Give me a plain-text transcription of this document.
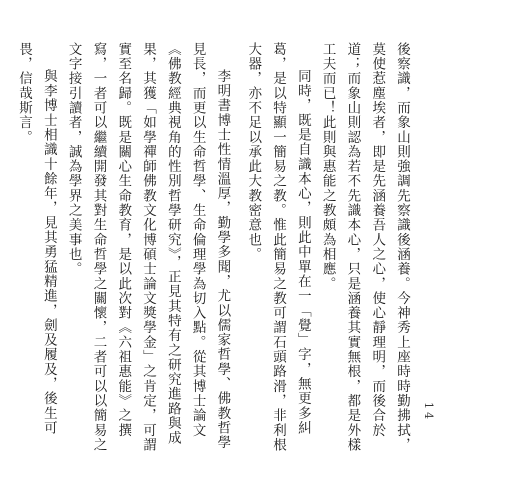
後察識，而象山則強調先察識後涵養。今神秀上座時時勤拂拭，莫使惹塵埃者，即是先涵養吾人之心，使心靜理明，而後合於道；而象山則認為若不先識本心，只是涵養其實無根，都是外樣工夫而已！此則與惠能之教頗為相應。

同時，既是自識本心，則此中單在一「覺」字，無更多糾葛，是以特顯一簡易之教。惟此簡易之教可謂石頭路滑，非利根大器，亦不足以承此大教密意也。

李明書博士性情溫厚，勤學多聞，尤以儒家哲學、佛教哲學見長，而更以生命哲學、生命倫理學為切入點。從其博士論文《佛教經典視角的性別哲學研究》，正見其特有之研究進路與成果，其獲「如學禪師佛教文化博碩士論文獎學金」之肯定，可謂實至名歸。既是關心生命教育，是以此次對《六祖惠能》之撰寫，一者可以繼續開發其對生命哲學之關懷，二者可以以簡易之文字接引讀者，誠為學界之美事也。

與李博士相識十餘年，見其勇猛精進，劍及履及，後生可畏，信哉斯言。

14
